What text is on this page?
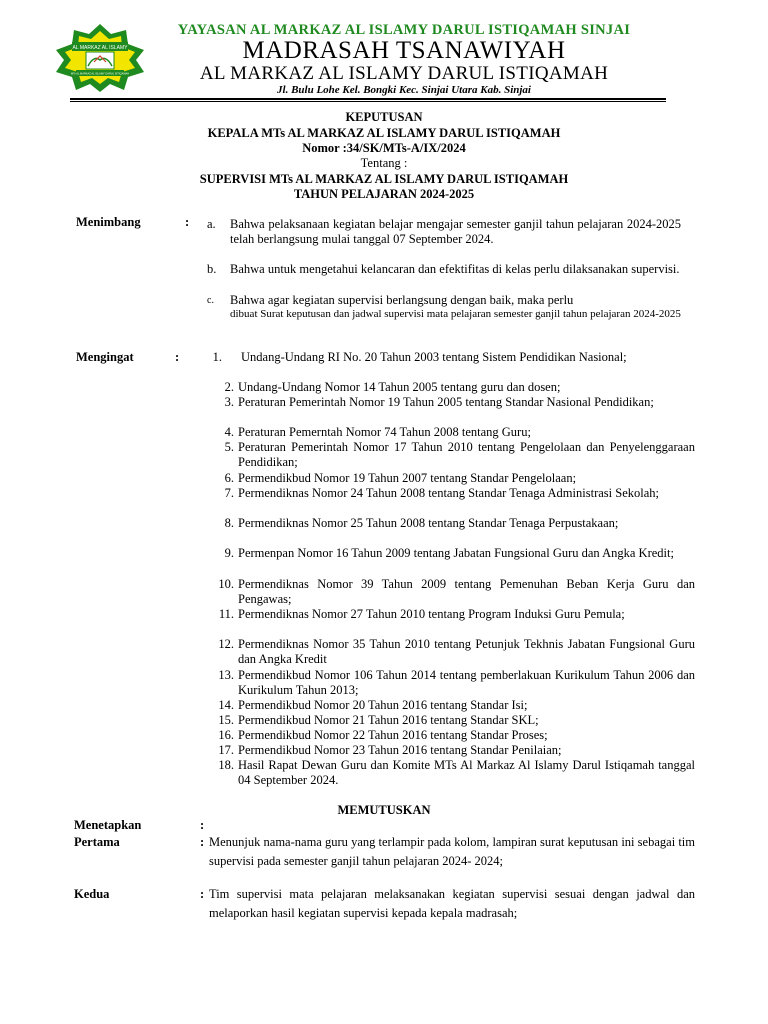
AL MARKAZ AL ISLAMY
MTs AL MARKAZ AL ISLAMY DARUL ISTIQAMAH
YAYASAN AL MARKAZ AL ISLAMY DARUL ISTIQAMAH SINJAI
MADRASAH TSANAWIYAH
AL MARKAZ AL ISLAMY DARUL ISTIQAMAH
Jl. Bulu Lohe Kel. Bongki Kec. Sinjai Utara Kab. Sinjai
KEPUTUSAN
KEPALA MTs AL MARKAZ AL ISLAMY DARUL ISTIQAMAH
Nomor :34/SK/MTs-A/IX/2024
Tentang :
SUPERVISI MTs AL MARKAZ AL ISLAMY DARUL ISTIQAMAH
TAHUN PELAJARAN 2024-2025
Menimbang	: a.	Bahwa pelaksanaan kegiatan belajar mengajar semester ganjil tahun pelajaran 2024-2025 telah berlangsung mulai tanggal 07 September 2024.
b.	Bahwa untuk mengetahui kelancaran dan efektifitas di kelas perlu dilaksanakan supervisi.
c.	Bahwa agar kegiatan supervisi berlangsung dengan baik, maka perlu
dibuat Surat keputusan dan jadwal supervisi mata pelajaran semester ganjil tahun pelajaran 2024-2025
Mengingat	:	1. Undang-Undang RI No. 20 Tahun 2003 tentang Sistem Pendidikan Nasional;
2. Undang-Undang Nomor 14 Tahun 2005 tentang guru dan dosen;
3. Peraturan Pemerintah Nomor 19 Tahun 2005 tentang Standar Nasional Pendidikan;
4. Peraturan Pemerntah Nomor 74 Tahun 2008 tentang Guru;
5. Peraturan Pemerintah Nomor 17 Tahun 2010 tentang Pengelolaan dan Penyelenggaraan Pendidikan;
6. Permendikbud Nomor 19 Tahun 2007 tentang Standar Pengelolaan;
7. Permendiknas Nomor 24 Tahun 2008 tentang Standar Tenaga Administrasi Sekolah;
8. Permendiknas Nomor 25 Tahun 2008 tentang Standar Tenaga Perpustakaan;
9. Permenpan Nomor 16 Tahun 2009 tentang Jabatan Fungsional Guru dan Angka Kredit;
10. Permendiknas Nomor 39 Tahun 2009 tentang Pemenuhan Beban Kerja Guru dan Pengawas;
11. Permendiknas Nomor 27 Tahun 2010 tentang Program Induksi Guru Pemula;
12. Permendiknas Nomor 35 Tahun 2010 tentang Petunjuk Tekhnis Jabatan Fungsional Guru dan Angka Kredit
13. Permendikbud Nomor 106 Tahun 2014 tentang pemberlakuan Kurikulum Tahun 2006 dan Kurikulum Tahun 2013;
14. Permendikbud Nomor 20 Tahun 2016 tentang Standar Isi;
15. Permendikbud Nomor 21 Tahun 2016 tentang Standar SKL;
16. Permendikbud Nomor 22 Tahun 2016 tentang Standar Proses;
17. Permendikbud Nomor 23 Tahun 2016 tentang Standar Penilaian;
18. Hasil Rapat Dewan Guru dan Komite MTs Al Markaz Al Islamy Darul Istiqamah tanggal 04 September 2024.
MEMUTUSKAN
Menetapkan	:
Pertama	: Menunjuk nama-nama guru yang terlampir pada kolom, lampiran surat keputusan ini sebagai tim supervisi pada semester ganjil tahun pelajaran 2024- 2024;
Kedua	: Tim supervisi mata pelajaran melaksanakan kegiatan supervisi sesuai dengan jadwal dan melaporkan hasil kegiatan supervisi kepada kepala madrasah;
